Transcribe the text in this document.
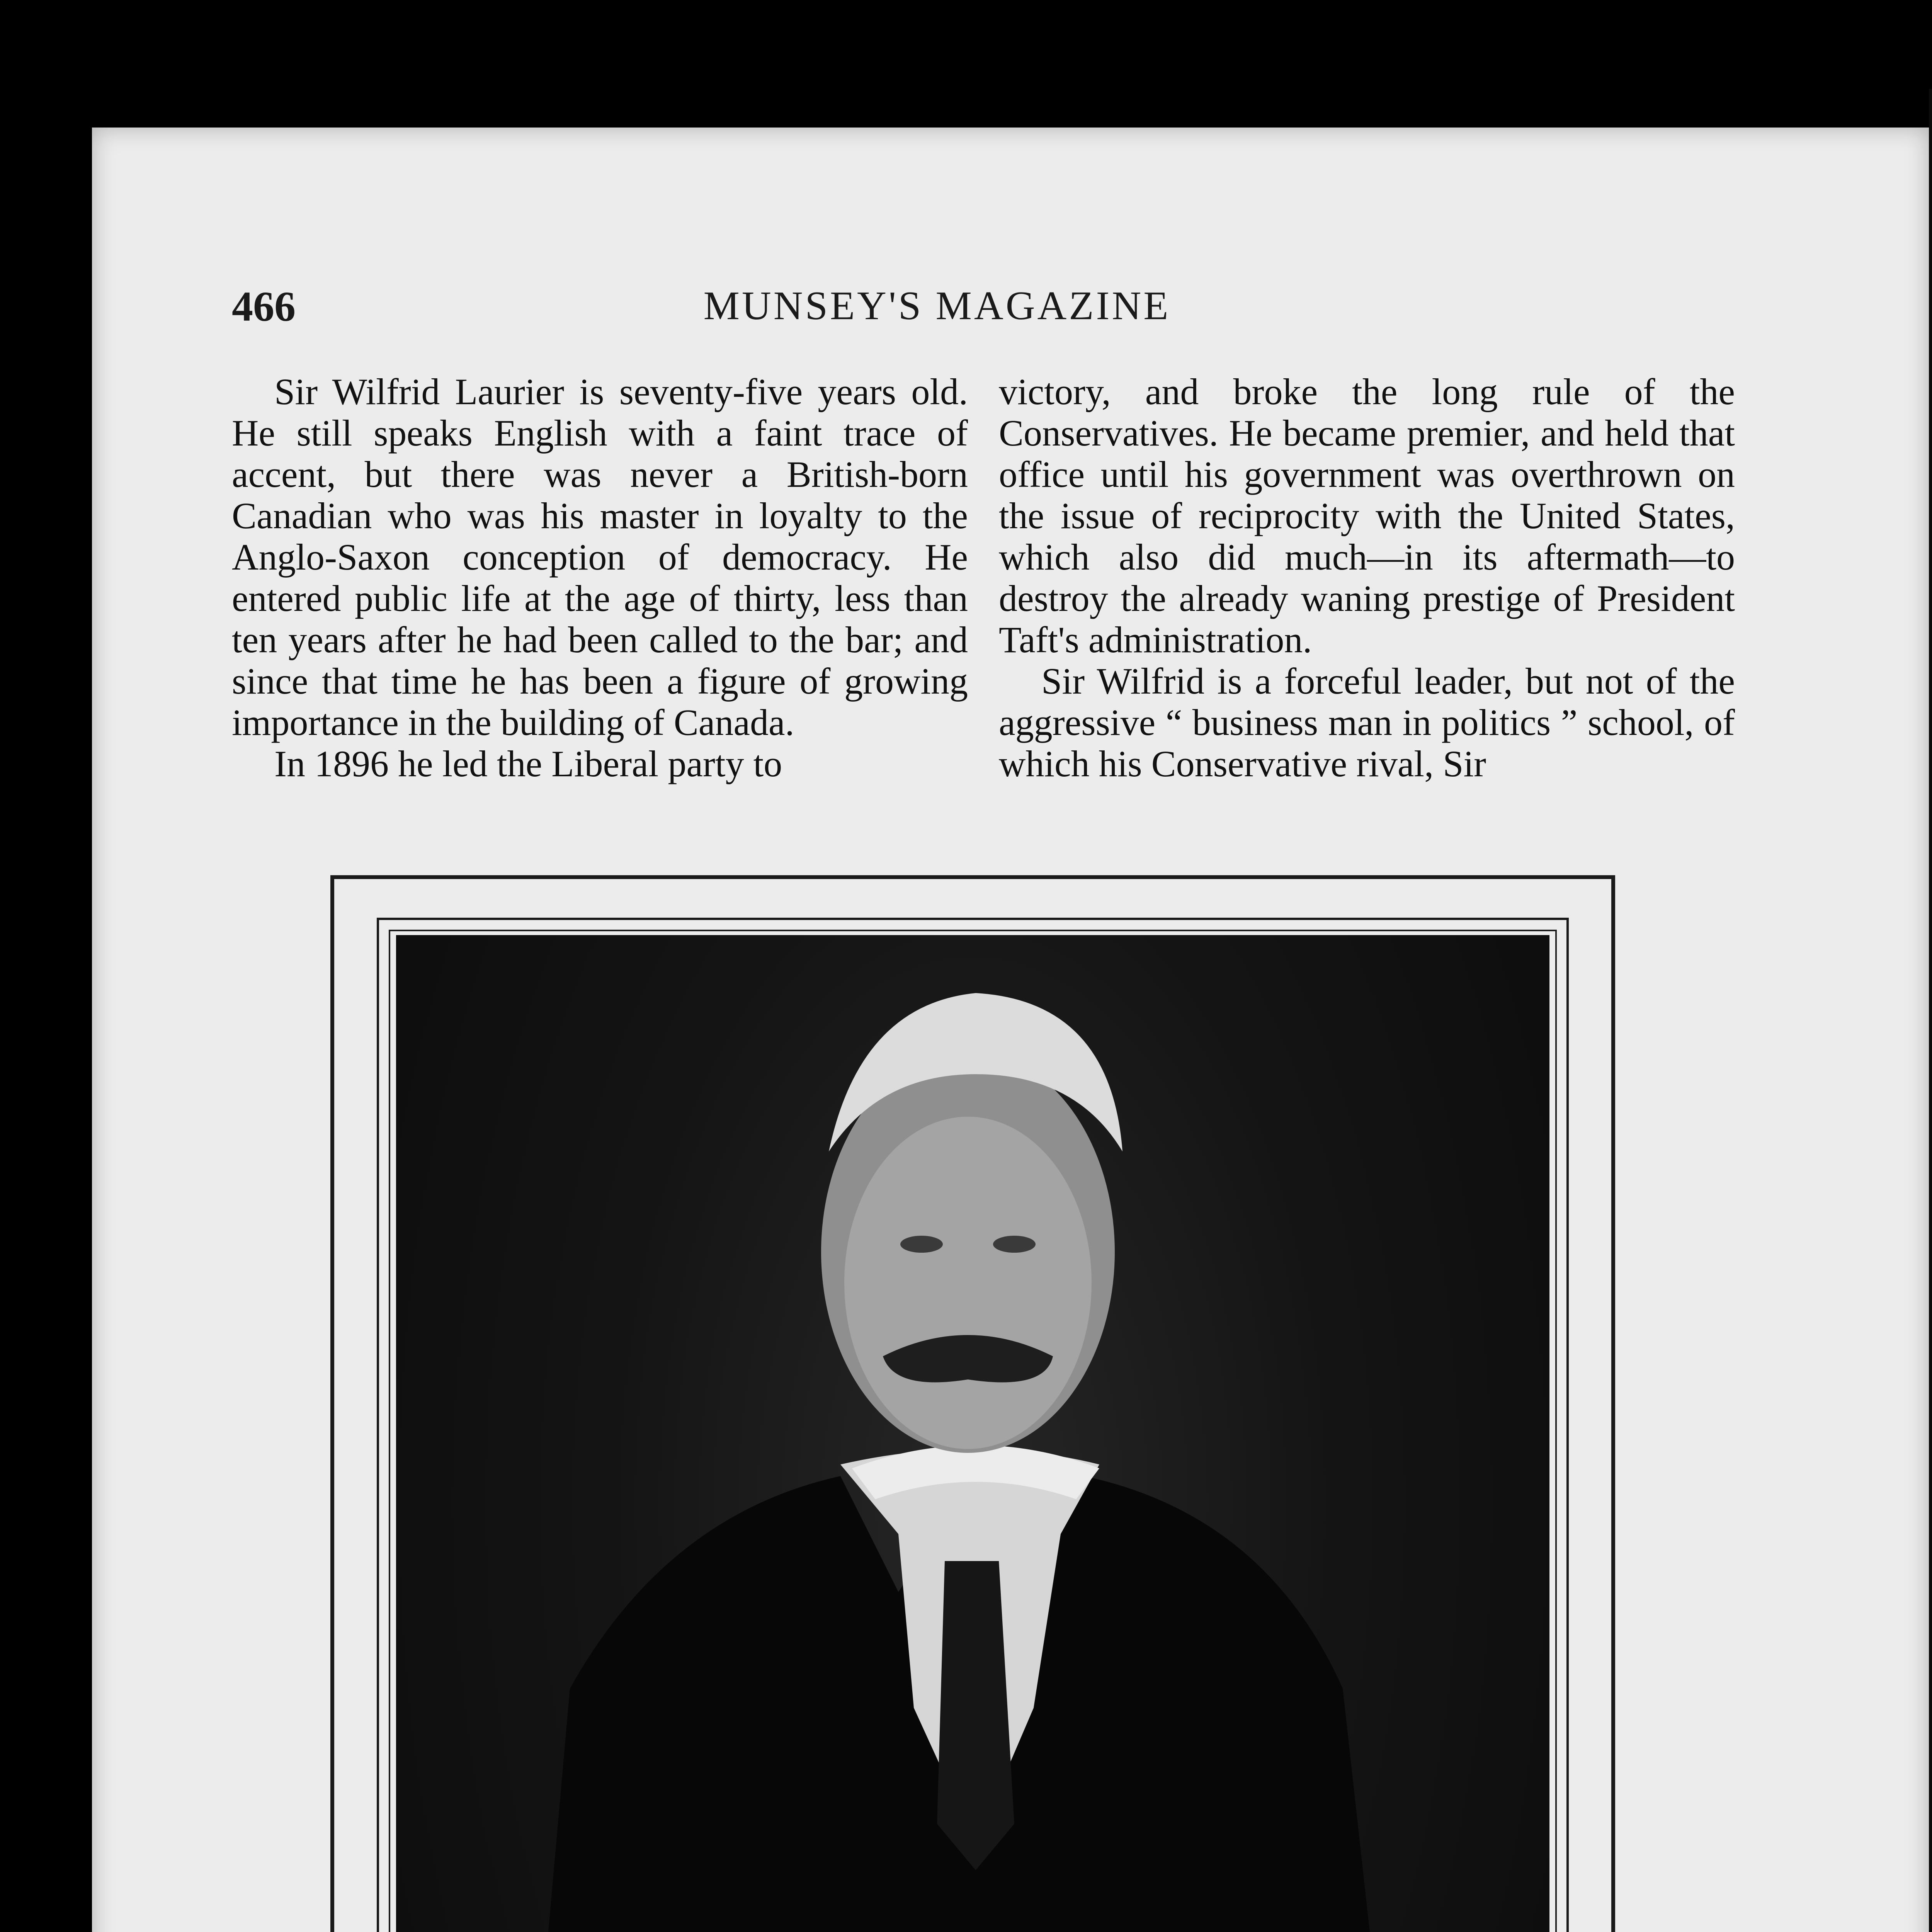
466	MUNSEY'S MAGAZINE

Sir Wilfrid Laurier is seventy-five years old. He still speaks English with a faint trace of accent, but there was never a British-born Canadian who was his master in loyalty to the Anglo-Saxon conception of democracy. He entered public life at the age of thirty, less than ten years after he had been called to the bar; and since that time he has been a figure of growing importance in the building of Canada.

In 1896 he led the Liberal party to

victory, and broke the long rule of the Conservatives. He became premier, and held that office until his government was overthrown on the issue of reciprocity with the United States, which also did much—in its aftermath—to destroy the already waning prestige of President Taft's administration.

Sir Wilfrid is a forceful leader, but not of the aggressive “ business man in politics ” school, of which his Conservative rival, Sir
